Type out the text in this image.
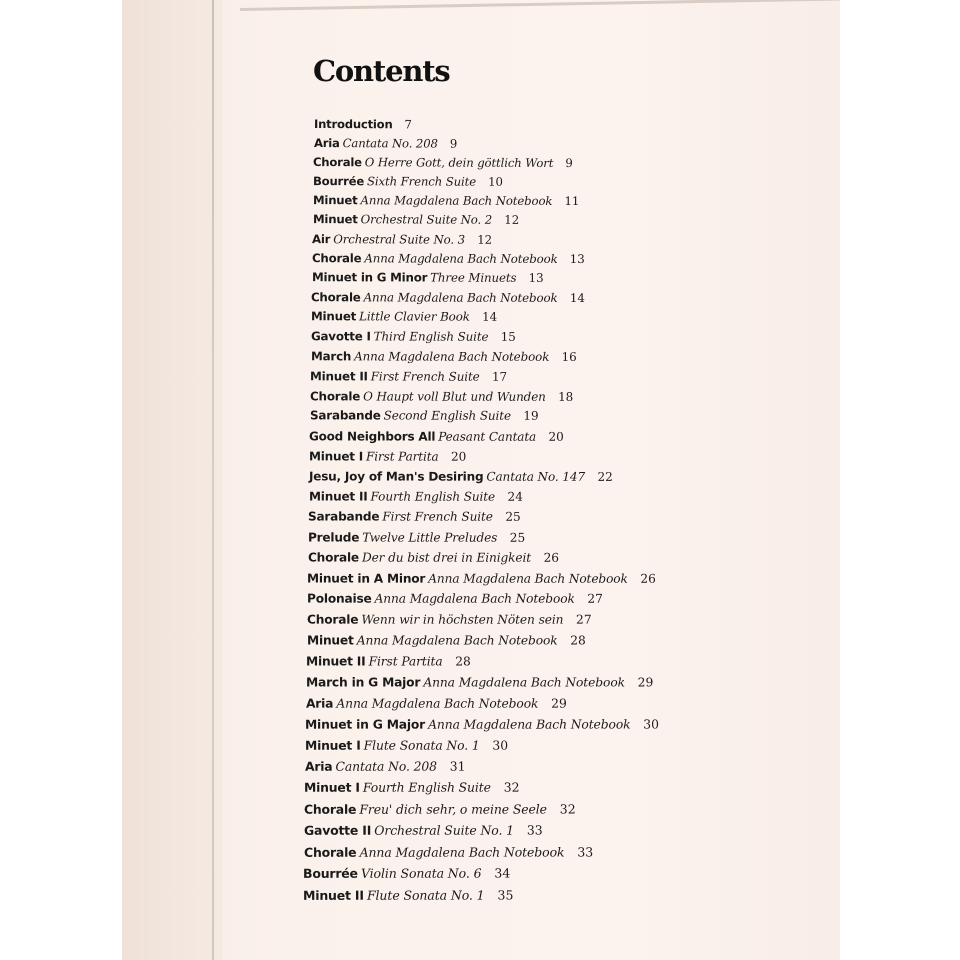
Contents
Introduction 7
Aria Cantata No. 208 9
Chorale O Herre Gott, dein göttlich Wort 9
Bourrée Sixth French Suite 10
Minuet Anna Magdalena Bach Notebook 11
Minuet Orchestral Suite No. 2 12
Air Orchestral Suite No. 3 12
Chorale Anna Magdalena Bach Notebook 13
Minuet in G Minor Three Minuets 13
Chorale Anna Magdalena Bach Notebook 14
Minuet Little Clavier Book 14
Gavotte I Third English Suite 15
March Anna Magdalena Bach Notebook 16
Minuet II First French Suite 17
Chorale O Haupt voll Blut und Wunden 18
Sarabande Second English Suite 19
Good Neighbors All Peasant Cantata 20
Minuet I First Partita 20
Jesu, Joy of Man's Desiring Cantata No. 147 22
Minuet II Fourth English Suite 24
Sarabande First French Suite 25
Prelude Twelve Little Preludes 25
Chorale Der du bist drei in Einigkeit 26
Minuet in A Minor Anna Magdalena Bach Notebook 26
Polonaise Anna Magdalena Bach Notebook 27
Chorale Wenn wir in höchsten Nöten sein 27
Minuet Anna Magdalena Bach Notebook 28
Minuet II First Partita 28
March in G Major Anna Magdalena Bach Notebook 29
Aria Anna Magdalena Bach Notebook 29
Minuet in G Major Anna Magdalena Bach Notebook 30
Minuet I Flute Sonata No. 1 30
Aria Cantata No. 208 31
Minuet I Fourth English Suite 32
Chorale Freu' dich sehr, o meine Seele 32
Gavotte II Orchestral Suite No. 1 33
Chorale Anna Magdalena Bach Notebook 33
Bourrée Violin Sonata No. 6 34
Minuet II Flute Sonata No. 1 35
